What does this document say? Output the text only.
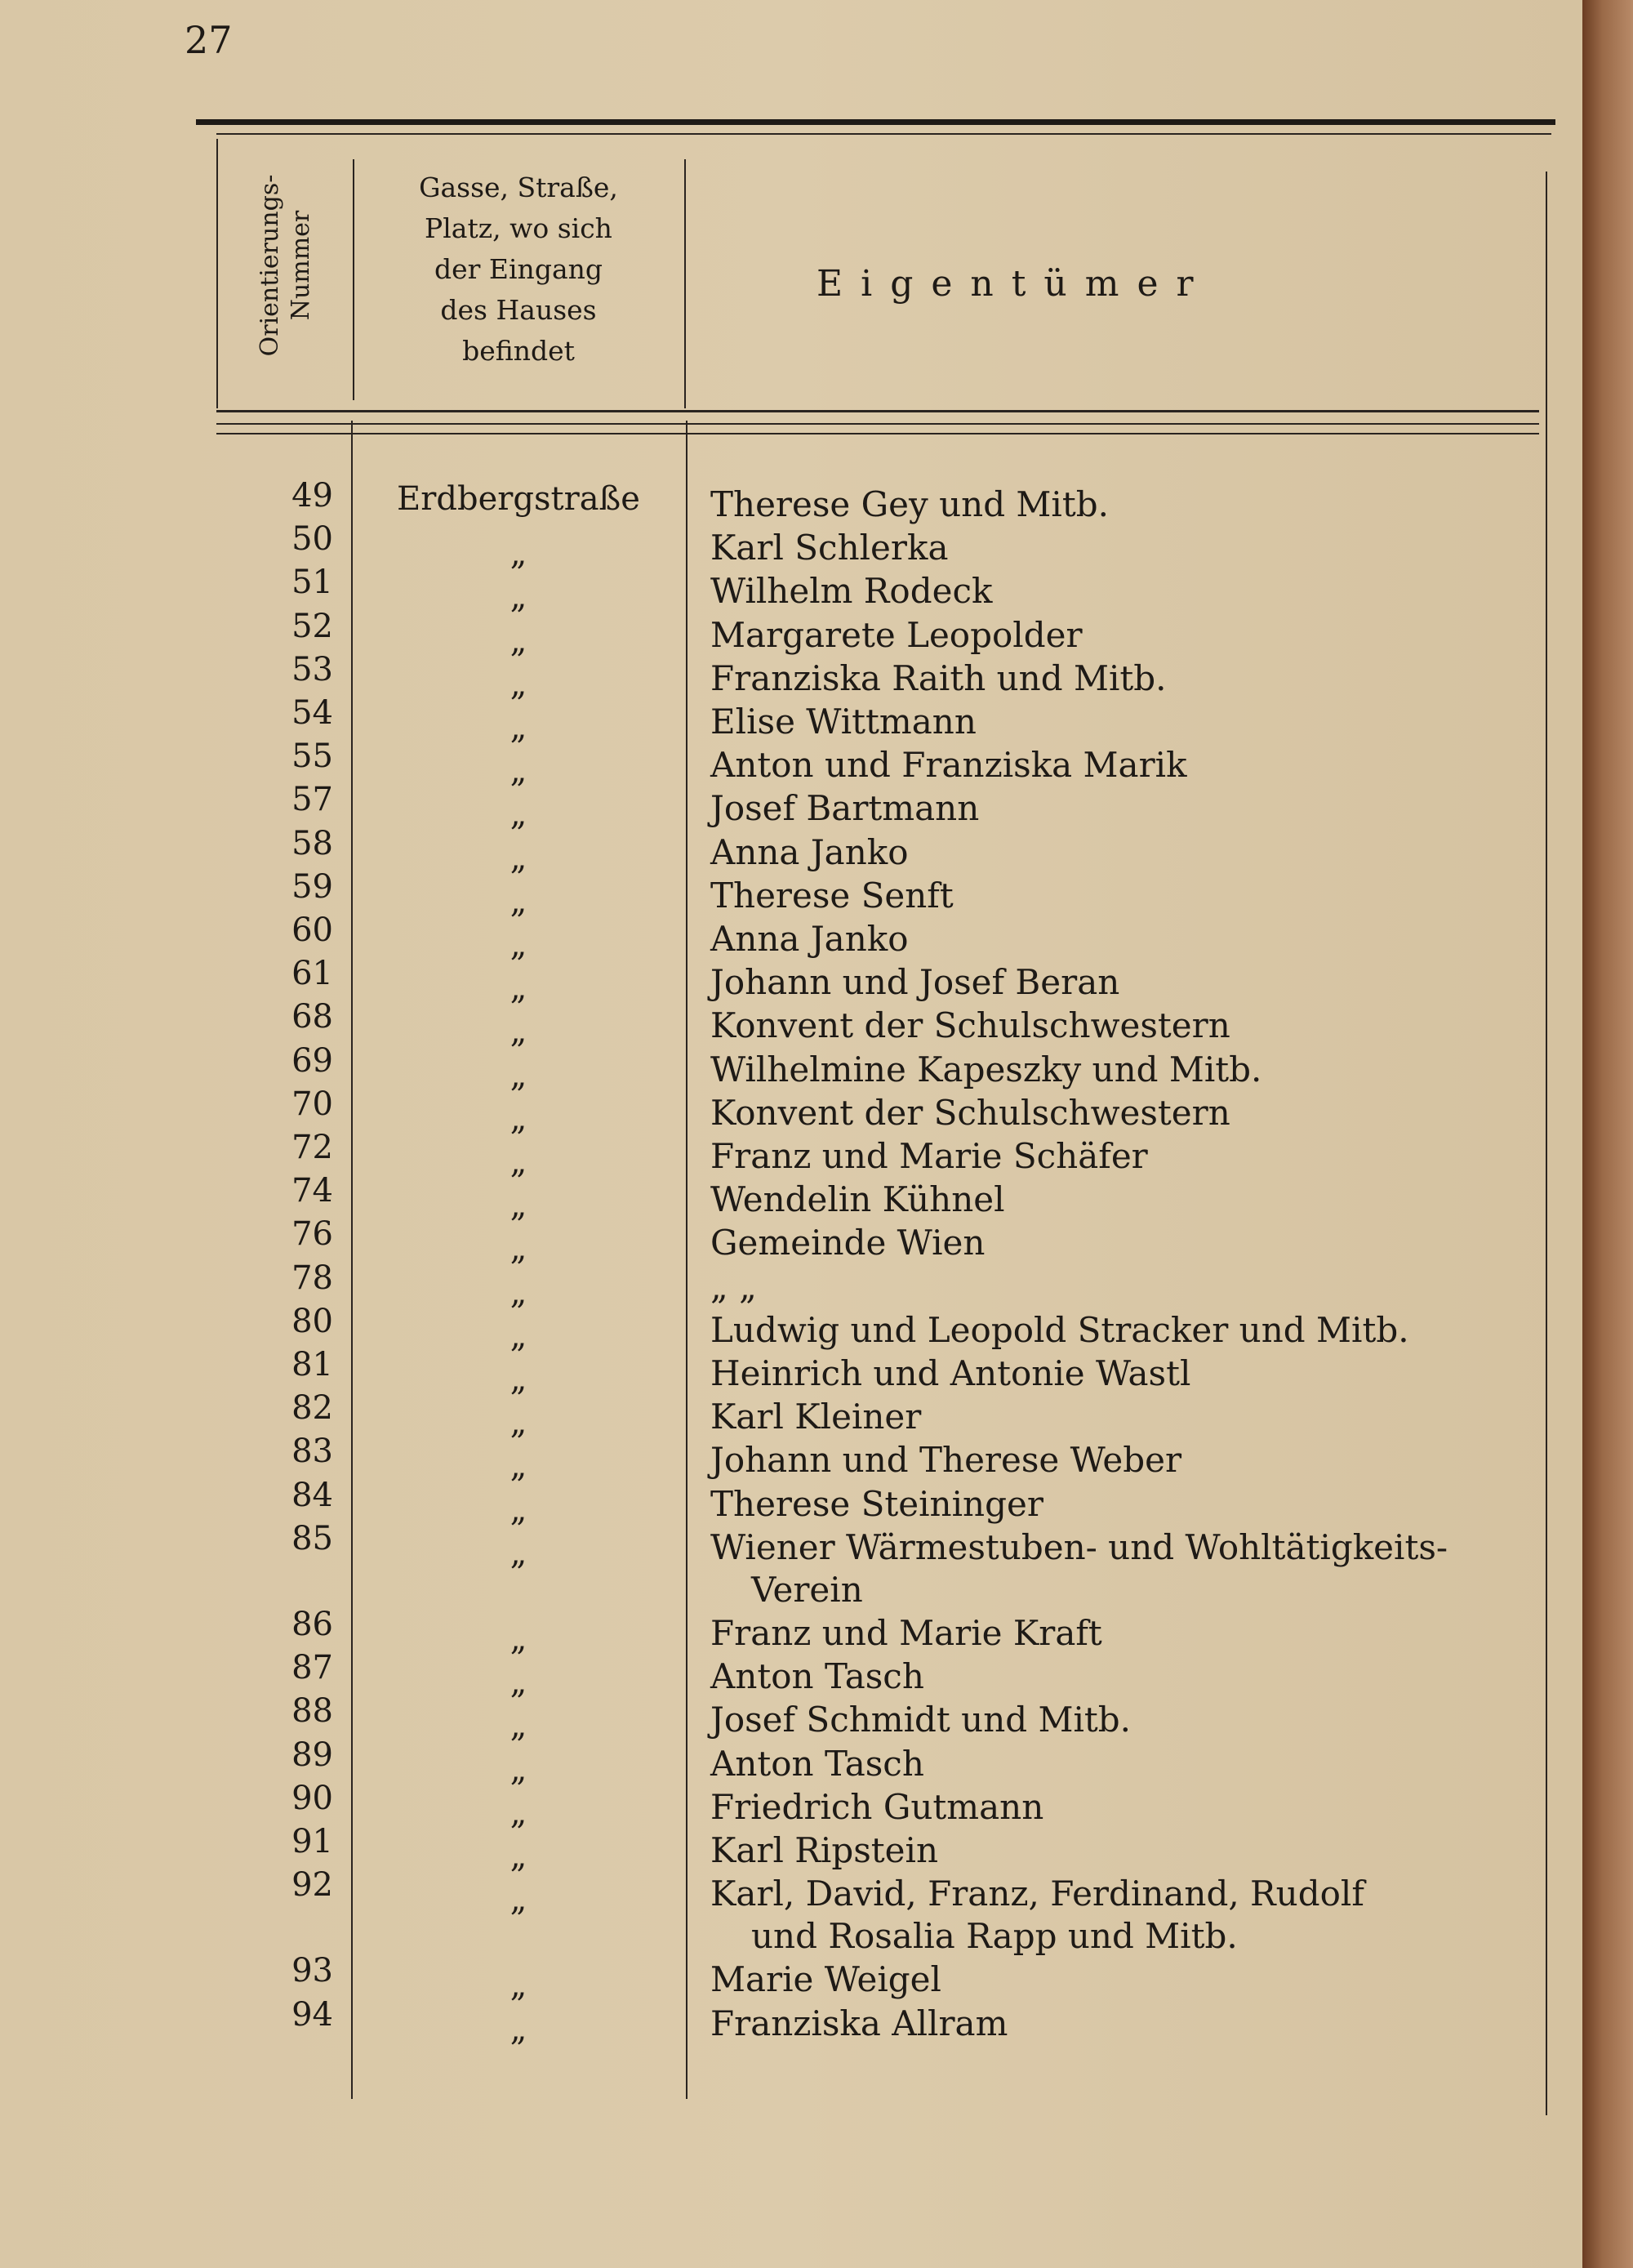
27
Orientierungs- Nummer
Gasse, Straße,
Platz, wo sich
der Eingang
des Hauses
befindet
Eigentümer
49	Erdbergstraße	Therese Gey und Mitb.
50	„	Karl Schlerka
51	„	Wilhelm Rodeck
52	„	Margarete Leopolder
53	„	Franziska Raith und Mitb.
54	„	Elise Wittmann
55	„	Anton und Franziska Marik
57	„	Josef Bartmann
58	„	Anna Janko
59	„	Therese Senft
60	„	Anna Janko
61	„	Johann und Josef Beran
68	„	Konvent der Schulschwestern
69	„	Wilhelmine Kapeszky und Mitb.
70	„	Konvent der Schulschwestern
72	„	Franz und Marie Schäfer
74	„	Wendelin Kühnel
76	„	Gemeinde Wien
78	„	„ „
80	„	Ludwig und Leopold Stracker und Mitb.
81	„	Heinrich und Antonie Wastl
82	„	Karl Kleiner
83	„	Johann und Therese Weber
84	„	Therese Steininger
85	„	Wiener Wärmestuben- und Wohltätigkeits-
Verein
86	„	Franz und Marie Kraft
87	„	Anton Tasch
88	„	Josef Schmidt und Mitb.
89	„	Anton Tasch
90	„	Friedrich Gutmann
91	„	Karl Ripstein
92	„	Karl, David, Franz, Ferdinand, Rudolf
und Rosalia Rapp und Mitb.
93	„	Marie Weigel
94	„	Franziska Allram
